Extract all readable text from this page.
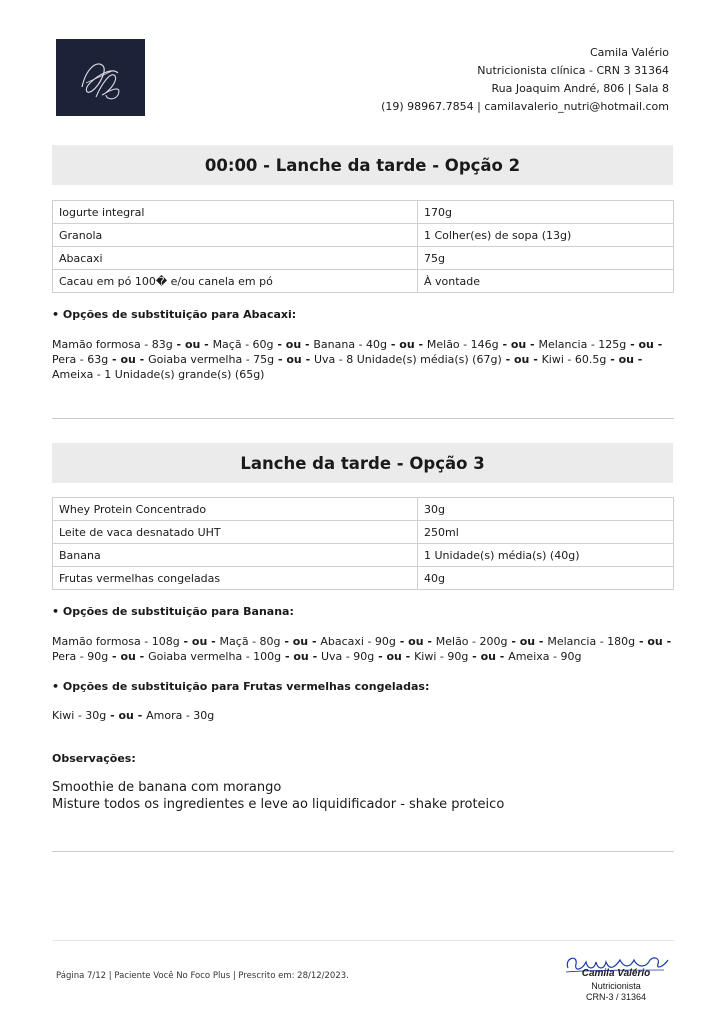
Camila Valério
Nutricionista clínica - CRN 3 31364
Rua Joaquim André, 806 | Sala 8
(19) 98967.7854 | camilavalerio_nutri@hotmail.com
00:00 - Lanche da tarde - Opção 2
Iogurte integral	170g
Granola	1 Colher(es) de sopa (13g)
Abacaxi	75g
Cacau em pó 100� e/ou canela em pó	À vontade
• Opções de substituição para Abacaxi:
Mamão formosa - 83g - ou - Maçã - 60g - ou - Banana - 40g - ou - Melão - 146g - ou - Melancia - 125g - ou - Pera - 63g - ou - Goiaba vermelha - 75g - ou - Uva - 8 Unidade(s) média(s) (67g) - ou - Kiwi - 60.5g - ou - Ameixa - 1 Unidade(s) grande(s) (65g)
Lanche da tarde - Opção 3
Whey Protein Concentrado	30g
Leite de vaca desnatado UHT	250ml
Banana	1 Unidade(s) média(s) (40g)
Frutas vermelhas congeladas	40g
• Opções de substituição para Banana:
Mamão formosa - 108g - ou - Maçã - 80g - ou - Abacaxi - 90g - ou - Melão - 200g - ou - Melancia - 180g - ou - Pera - 90g - ou - Goiaba vermelha - 100g - ou - Uva - 90g - ou - Kiwi - 90g - ou - Ameixa - 90g
• Opções de substituição para Frutas vermelhas congeladas:
Kiwi - 30g - ou - Amora - 30g
Observações:
Smoothie de banana com morango
Misture todos os ingredientes e leve ao liquidificador - shake proteico
Página 7/12 | Paciente Você No Foco Plus | Prescrito em: 28/12/2023.	Camila Valério
Nutricionista
CRN-3 / 31364
